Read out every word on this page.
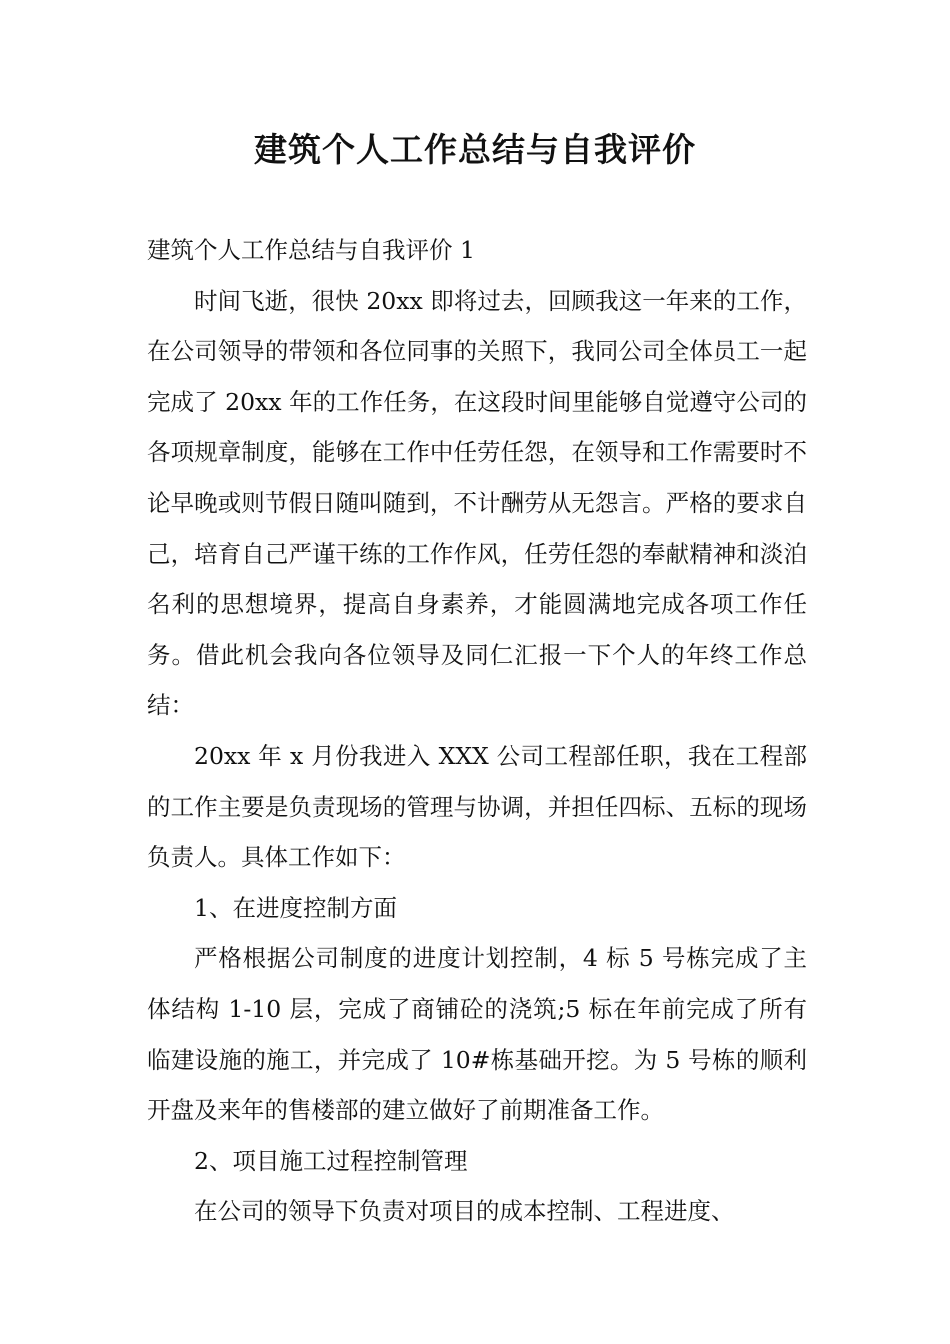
建筑个人工作总结与自我评价

建筑个人工作总结与自我评价 1

时间飞逝，很快 20xx 即将过去，回顾我这一年来的工作，在公司领导的带领和各位同事的关照下，我同公司全体员工一起完成了 20xx 年的工作任务，在这段时间里能够自觉遵守公司的各项规章制度，能够在工作中任劳任怨，在领导和工作需要时不论早晚或则节假日随叫随到，不计酬劳从无怨言。严格的要求自己，培育自己严谨干练的工作作风，任劳任怨的奉献精神和淡泊名利的思想境界，提高自身素养，才能圆满地完成各项工作任务。借此机会我向各位领导及同仁汇报一下个人的年终工作总结：

20xx 年 x 月份我进入 XXX 公司工程部任职，我在工程部的工作主要是负责现场的管理与协调，并担任四标、五标的现场负责人。具体工作如下：

1、在进度控制方面

严格根据公司制度的进度计划控制，4 标 5 号栋完成了主体结构 1-10 层，完成了商铺砼的浇筑;5 标在年前完成了所有临建设施的施工，并完成了 10#栋基础开挖。为 5 号栋的顺利开盘及来年的售楼部的建立做好了前期准备工作。

2、项目施工过程控制管理

在公司的领导下负责对项目的成本控制、工程进度、
